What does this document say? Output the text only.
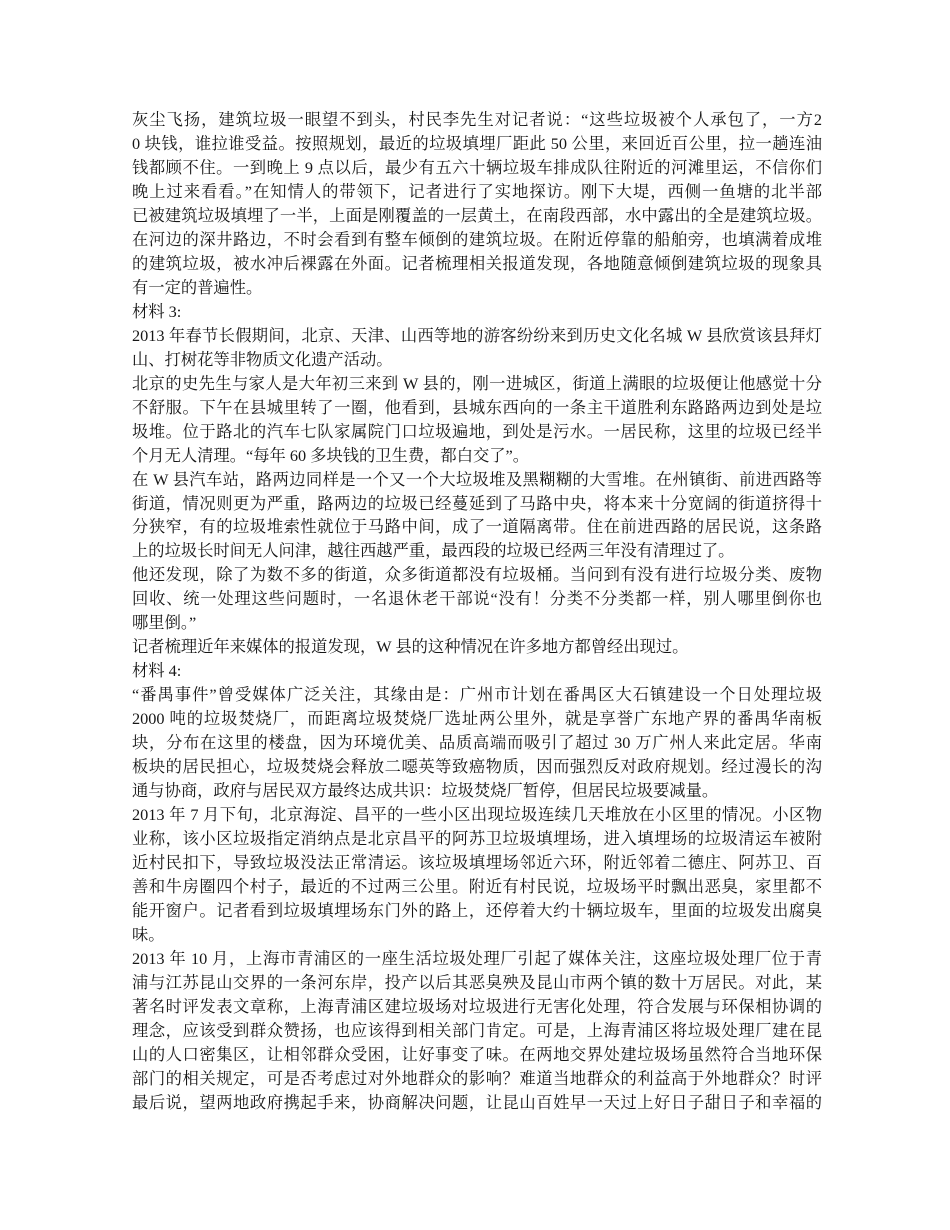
灰尘飞扬，建筑垃圾一眼望不到头，村民李先生对记者说：“这些垃圾被个人承包了，一方2
0 块钱，谁拉谁受益。按照规划，最近的垃圾填埋厂距此 50 公里，来回近百公里，拉一趟连油
钱都顾不住。一到晚上 9 点以后，最少有五六十辆垃圾车排成队往附近的河滩里运，不信你们
晚上过来看看。”在知情人的带领下，记者进行了实地探访。刚下大堤，西侧一鱼塘的北半部
已被建筑垃圾填埋了一半，上面是刚覆盖的一层黄土，在南段西部，水中露出的全是建筑垃圾。
在河边的深井路边，不时会看到有整车倾倒的建筑垃圾。在附近停靠的船舶旁，也填满着成堆
的建筑垃圾，被水冲后裸露在外面。记者梳理相关报道发现，各地随意倾倒建筑垃圾的现象具
有一定的普遍性。
材料 3:
2013 年春节长假期间，北京、天津、山西等地的游客纷纷来到历史文化名城 W 县欣赏该县拜灯
山、打树花等非物质文化遗产活动。
北京的史先生与家人是大年初三来到 W 县的，刚一进城区，街道上满眼的垃圾便让他感觉十分
不舒服。下午在县城里转了一圈，他看到，县城东西向的一条主干道胜利东路路两边到处是垃
圾堆。位于路北的汽车七队家属院门口垃圾遍地，到处是污水。一居民称，这里的垃圾已经半
个月无人清理。“每年 60 多块钱的卫生费，都白交了”。
在 W 县汽车站，路两边同样是一个又一个大垃圾堆及黑糊糊的大雪堆。在州镇街、前进西路等
街道，情况则更为严重，路两边的垃圾已经蔓延到了马路中央，将本来十分宽阔的街道挤得十
分狭窄，有的垃圾堆索性就位于马路中间，成了一道隔离带。住在前进西路的居民说，这条路
上的垃圾长时间无人问津，越往西越严重，最西段的垃圾已经两三年没有清理过了。
他还发现，除了为数不多的街道，众多街道都没有垃圾桶。当问到有没有进行垃圾分类、废物
回收、统一处理这些问题时，一名退休老干部说“没有！分类不分类都一样，别人哪里倒你也
哪里倒。”
记者梳理近年来媒体的报道发现，W 县的这种情况在许多地方都曾经出现过。
材料 4:
“番禺事件”曾受媒体广泛关注，其缘由是：广州市计划在番禺区大石镇建设一个日处理垃圾
2000 吨的垃圾焚烧厂，而距离垃圾焚烧厂选址两公里外，就是享誉广东地产界的番禺华南板
块，分布在这里的楼盘，因为环境优美、品质高端而吸引了超过 30 万广州人来此定居。华南
板块的居民担心，垃圾焚烧会释放二噁英等致癌物质，因而强烈反对政府规划。经过漫长的沟
通与协商，政府与居民双方最终达成共识：垃圾焚烧厂暂停，但居民垃圾要减量。
2013 年 7 月下旬，北京海淀、昌平的一些小区出现垃圾连续几天堆放在小区里的情况。小区物
业称，该小区垃圾指定消纳点是北京昌平的阿苏卫垃圾填埋场，进入填埋场的垃圾清运车被附
近村民扣下，导致垃圾没法正常清运。该垃圾填埋场邻近六环，附近邻着二德庄、阿苏卫、百
善和牛房圈四个村子，最近的不过两三公里。附近有村民说，垃圾场平时飘出恶臭，家里都不
能开窗户。记者看到垃圾填埋场东门外的路上，还停着大约十辆垃圾车，里面的垃圾发出腐臭
味。
2013 年 10 月，上海市青浦区的一座生活垃圾处理厂引起了媒体关注，这座垃圾处理厂位于青
浦与江苏昆山交界的一条河东岸，投产以后其恶臭殃及昆山市两个镇的数十万居民。对此，某
著名时评发表文章称，上海青浦区建垃圾场对垃圾进行无害化处理，符合发展与环保相协调的
理念，应该受到群众赞扬，也应该得到相关部门肯定。可是，上海青浦区将垃圾处理厂建在昆
山的人口密集区，让相邻群众受困，让好事变了味。在两地交界处建垃圾场虽然符合当地环保
部门的相关规定，可是否考虑过对外地群众的影响？难道当地群众的利益高于外地群众？时评
最后说，望两地政府携起手来，协商解决问题，让昆山百姓早一天过上好日子甜日子和幸福的
